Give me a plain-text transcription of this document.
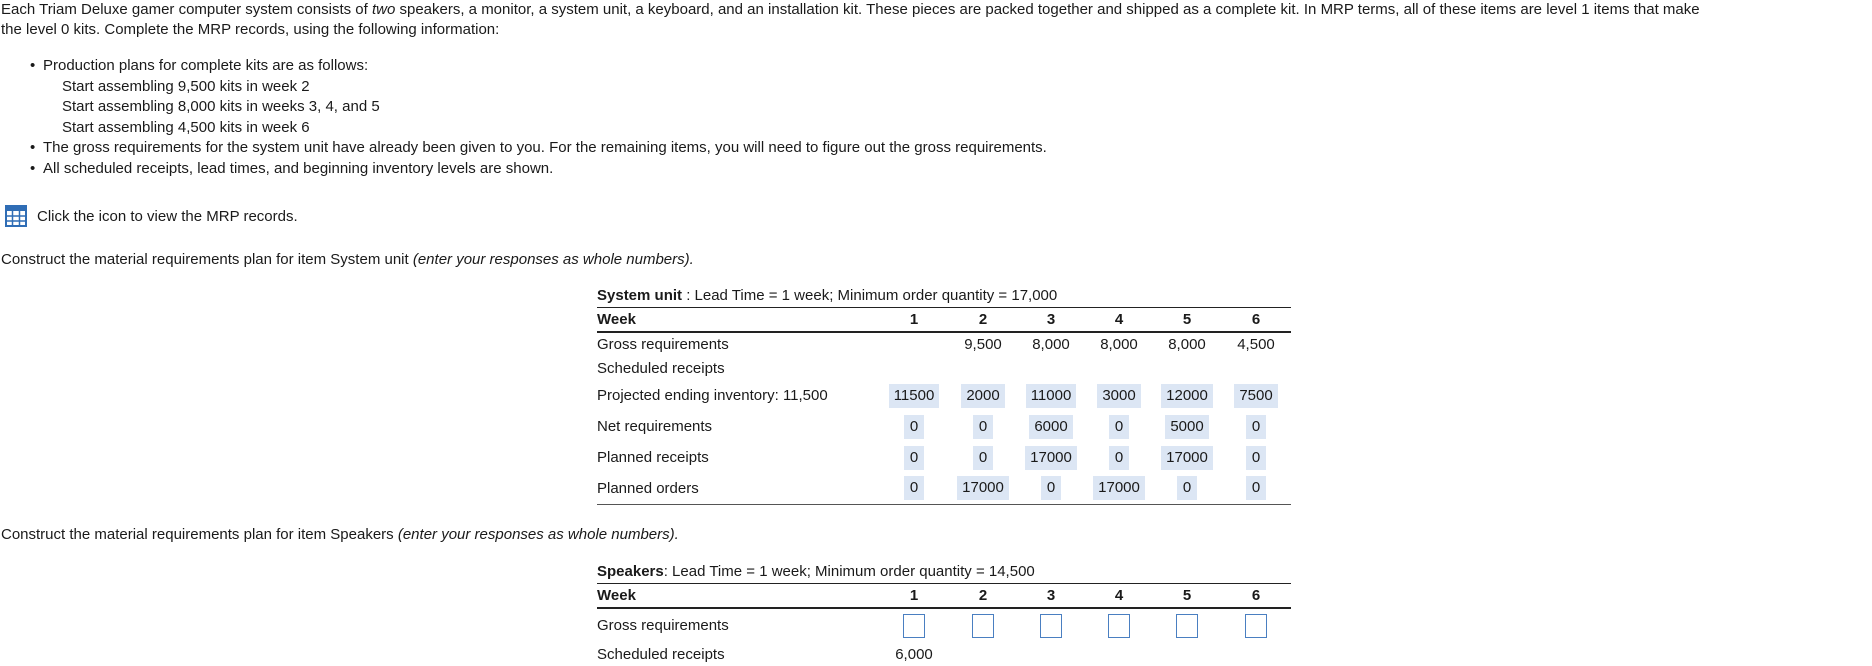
Each Triam Deluxe gamer computer system consists of two speakers, a monitor, a system unit, a keyboard, and an installation kit. These pieces are packed together and shipped as a complete kit. In MRP terms, all of these items are level 1 items that make
the level 0 kits. Complete the MRP records, using the following information:
• Production plans for complete kits are as follows:
Start assembling 9,500 kits in week 2
Start assembling 8,000 kits in weeks 3, 4, and 5
Start assembling 4,500 kits in week 6
• The gross requirements for the system unit have already been given to you. For the remaining items, you will need to figure out the gross requirements.
• All scheduled receipts, lead times, and beginning inventory levels are shown.
Click the icon to view the MRP records.
Construct the material requirements plan for item System unit (enter your responses as whole numbers).
System unit : Lead Time = 1 week; Minimum order quantity = 17,000
Week	1	2	3	4	5	6
Gross requirements		9,500	8,000	8,000	8,000	4,500
Scheduled receipts						
Projected ending inventory: 11,500	11500	2000	11000	3000	12000	7500
Net requirements	0	0	6000	0	5000	0
Planned receipts	0	0	17000	0	17000	0
Planned orders	0	17000	0	17000	0	0
Construct the material requirements plan for item Speakers (enter your responses as whole numbers).
Speakers: Lead Time = 1 week; Minimum order quantity = 14,500
Week	1	2	3	4	5	6
Gross requirements						
Scheduled receipts	6,000					
